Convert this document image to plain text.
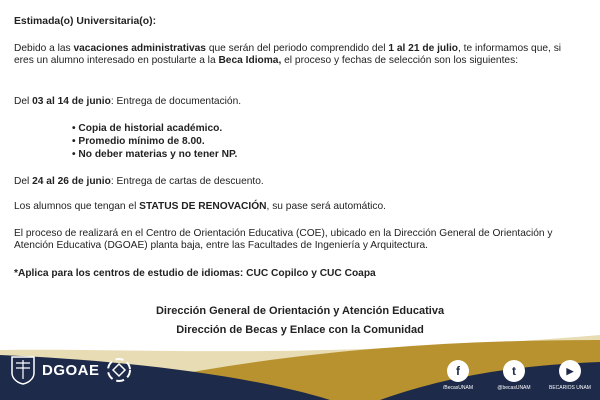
Estimada(o) Universitaria(o):
Debido a las vacaciones administrativas que serán del periodo comprendido del 1 al 21 de julio, te informamos que, si eres un alumno interesado en postularte a la Beca Idioma, el proceso y fechas de selección son los siguientes:
Del 03 al 14 de junio: Entrega de documentación.
• Copia de historial académico.
• Promedio mínimo de 8.00.
• No deber materias y no tener NP.
Del 24 al 26 de junio: Entrega de cartas de descuento.
Los alumnos que tengan el STATUS DE RENOVACIÓN, su pase será automático.
El proceso de realizará en el Centro de Orientación Educativa (COE), ubicado en la Dirección General de Orientación y Atención Educativa (DGOAE) planta baja, entre las Facultades de Ingeniería y Arquitectura.
*Aplica para los centros de estudio de idiomas: CUC Copilco y CUC Coapa
Dirección General de Orientación y Atención Educativa
Dirección de Becas y Enlace con la Comunidad
DGOAE	f
/BecasUNAM
t
@becasUNAM
▶
BECARIOS UNAM
